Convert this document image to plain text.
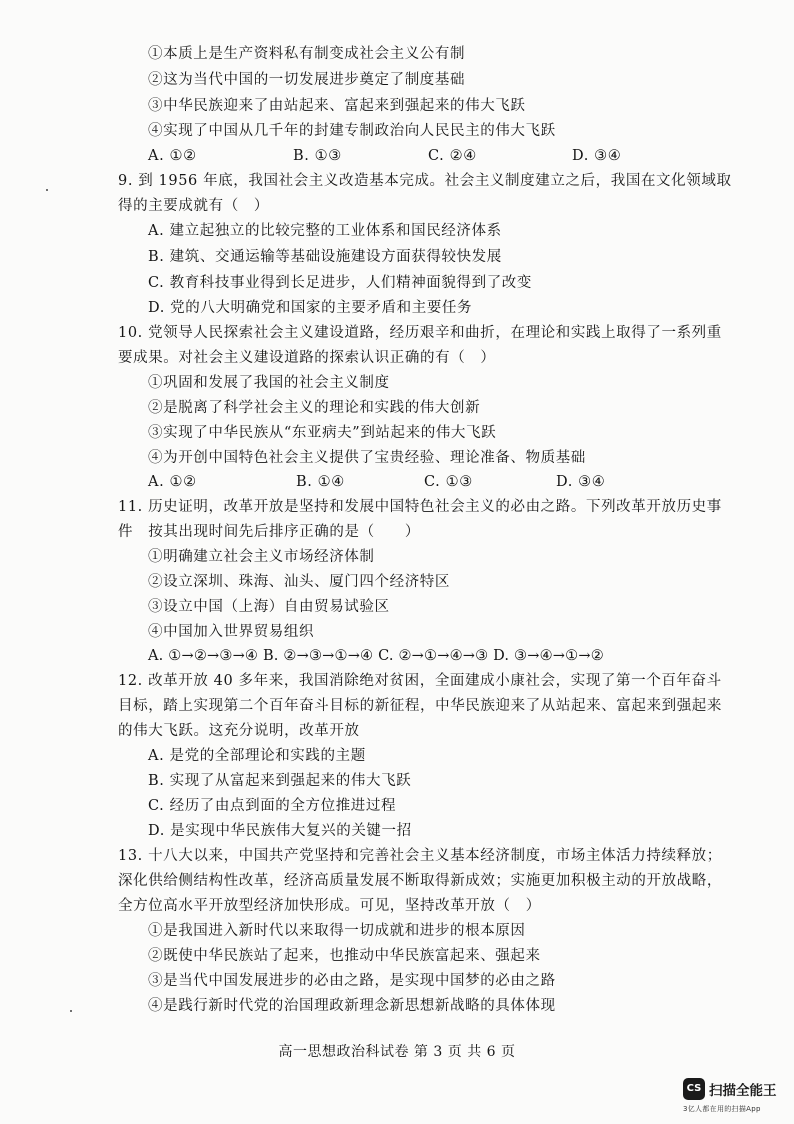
①本质上是生产资料私有制变成社会主义公有制
②这为当代中国的一切发展进步奠定了制度基础
③中华民族迎来了由站起来、富起来到强起来的伟大飞跃
④实现了中国从几千年的封建专制政治向人民民主的伟大飞跃
A. ①②	B. ①③	C. ②④	D. ③④
9. 到 1956 年底，我国社会主义改造基本完成。社会主义制度建立之后，我国在文化领域取
得的主要成就有（　）
A. 建立起独立的比较完整的工业体系和国民经济体系
B. 建筑、交通运输等基础设施建设方面获得较快发展
C. 教育科技事业得到长足进步，人们精神面貌得到了改变
D. 党的八大明确党和国家的主要矛盾和主要任务
10. 党领导人民探索社会主义建设道路，经历艰辛和曲折，在理论和实践上取得了一系列重
要成果。对社会主义建设道路的探索认识正确的有（　）
①巩固和发展了我国的社会主义制度
②是脱离了科学社会主义的理论和实践的伟大创新
③实现了中华民族从“东亚病夫”到站起来的伟大飞跃
④为开创中国特色社会主义提供了宝贵经验、理论准备、物质基础
A. ①②	B. ①④	C. ①③	D. ③④
11. 历史证明，改革开放是坚持和发展中国特色社会主义的必由之路。下列改革开放历史事
件　按其出现时间先后排序正确的是（　　）
①明确建立社会主义市场经济体制
②设立深圳、珠海、汕头、厦门四个经济特区
③设立中国（上海）自由贸易试验区
④中国加入世界贸易组织
A. ①→②→③→④ B. ②→③→①→④ C. ②→①→④→③ D. ③→④→①→②
12. 改革开放 40 多年来，我国消除绝对贫困，全面建成小康社会，实现了第一个百年奋斗
目标，踏上实现第二个百年奋斗目标的新征程，中华民族迎来了从站起来、富起来到强起来
的伟大飞跃。这充分说明，改革开放
A. 是党的全部理论和实践的主题
B. 实现了从富起来到强起来的伟大飞跃
C. 经历了由点到面的全方位推进过程
D. 是实现中华民族伟大复兴的关键一招
13. 十八大以来，中国共产党坚持和完善社会主义基本经济制度，市场主体活力持续释放；
深化供给侧结构性改革，经济高质量发展不断取得新成效；实施更加积极主动的开放战略，
全方位高水平开放型经济加快形成。可见，坚持改革开放（　）
①是我国进入新时代以来取得一切成就和进步的根本原因
②既使中华民族站了起来，也推动中华民族富起来、强起来
③是当代中国发展进步的必由之路，是实现中国梦的必由之路
④是践行新时代党的治国理政新理念新思想新战略的具体体现
高一思想政治科试卷 第 3 页 共 6 页
CS 扫描全能王
3亿人都在用的扫描App
